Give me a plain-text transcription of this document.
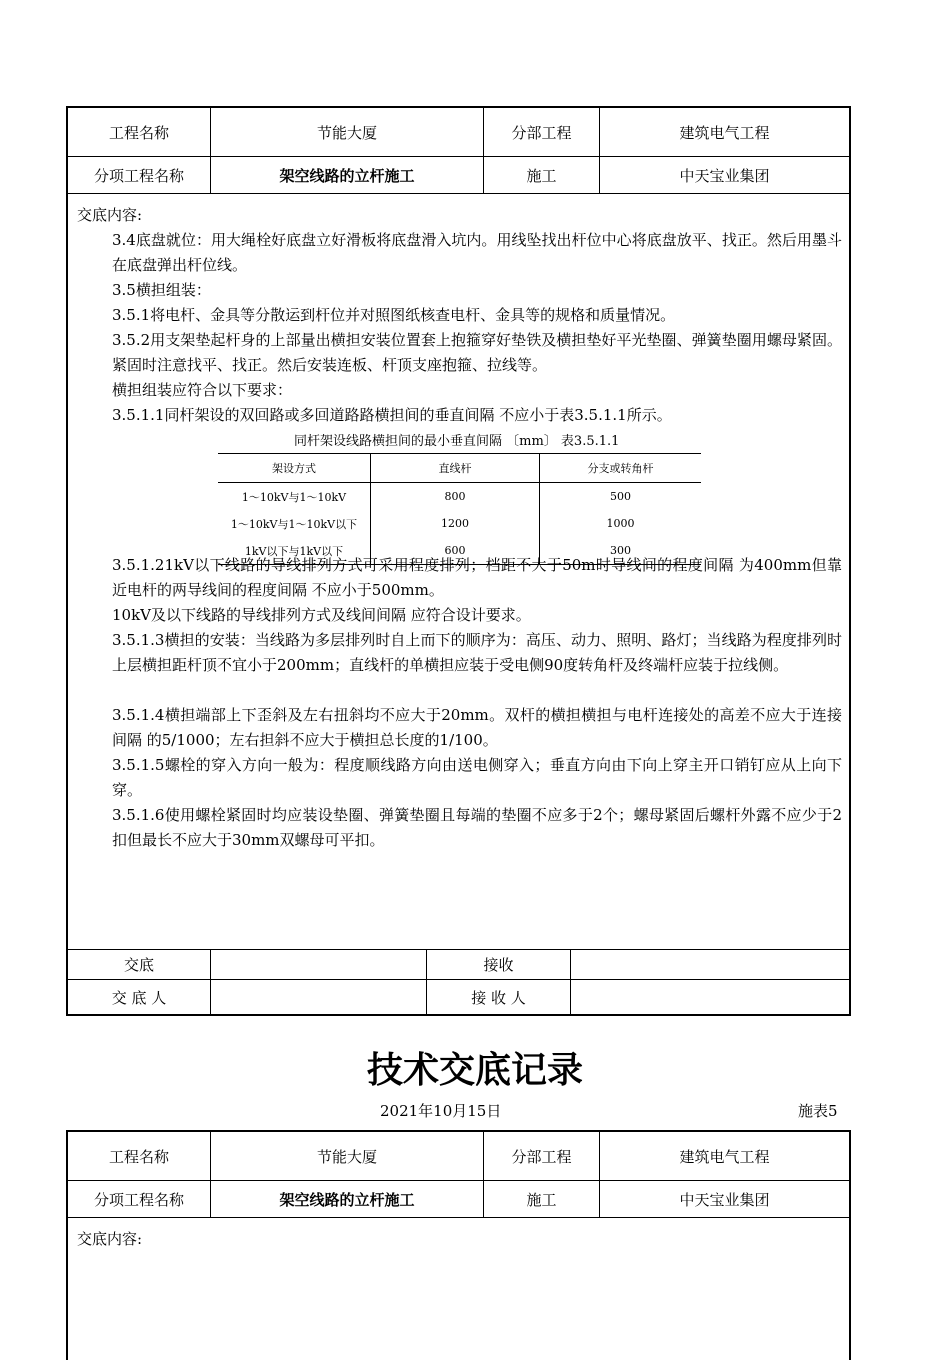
工程名称	节能大厦	分部工程	建筑电气工程
分项工程名称	架空线路的立杆施工	施工	中天宝业集团
交底内容:
3.4底盘就位：用大绳栓好底盘立好滑板将底盘滑入坑内。用线坠找出杆位中心将底盘放平、找正。然后用墨斗在底盘弹出杆位线。
3.5横担组装：
3.5.1将电杆、金具等分散运到杆位并对照图纸核查电杆、金具等的规格和质量情况。
3.5.2用支架垫起杆身的上部量出横担安装位置套上抱箍穿好垫铁及横担垫好平光垫圈、弹簧垫圈用螺母紧固。紧固时注意找平、找正。然后安装连板、杆顶支座抱箍、拉线等。
横担组装应符合以下要求：
3.5.1.1同杆架设的双回路或多回道路路横担间的垂直间隔 不应小于表3.5.1.1所示。
同杆架设线路横担间的最小垂直间隔 〔mm〕 表3.5.1.1
架设方式	直线杆	分支或转角杆
1～10kV与1～10kV	800	500
1～10kV与1～10kV以下	1200	1000
1kV以下与1kV以下	600	300
3.5.1.21kV以下线路的导线排列方式可采用程度排列；档距不大于50m时导线间的程度间隔 为400mm但靠近电杆的两导线间的程度间隔 不应小于500mm。
10kV及以下线路的导线排列方式及线间间隔 应符合设计要求。
3.5.1.3横担的安装：当线路为多层排列时自上而下的顺序为：高压、动力、照明、路灯；当线路为程度排列时上层横担距杆顶不宜小于200mm；直线杆的单横担应装于受电侧90度转角杆及终端杆应装于拉线侧。
3.5.1.4横担端部上下歪斜及左右扭斜均不应大于20mm。双杆的横担横担与电杆连接处的高差不应大于连接间隔 的5/1000；左右担斜不应大于横担总长度的1/100。
3.5.1.5螺栓的穿入方向一般为：程度顺线路方向由送电侧穿入；垂直方向由下向上穿主开口销钉应从上向下穿。
3.5.1.6使用螺栓紧固时均应装设垫圈、弹簧垫圈且每端的垫圈不应多于2个；螺母紧固后螺杆外露不应少于2扣但最长不应大于30mm双螺母可平扣。
交底	接收
交 底 人	接 收 人
技术交底记录
2021年10月15日	施表5
工程名称	节能大厦	分部工程	建筑电气工程
分项工程名称	架空线路的立杆施工	施工	中天宝业集团
交底内容:
